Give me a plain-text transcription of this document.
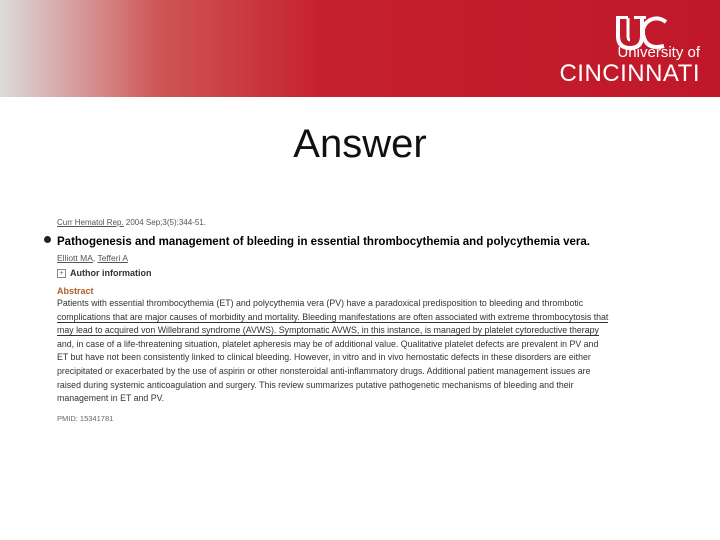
University of
CINCINNATI
Answer
Curr Hematol Rep. 2004 Sep;3(5):344-51.
Pathogenesis and management of bleeding in essential thrombocythemia and polycythemia vera.
Elliott MA, Tefferi A
+ Author information
Abstract
Patients with essential thrombocythemia (ET) and polycythemia vera (PV) have a paradoxical predisposition to bleeding and thrombotic
complications that are major causes of morbidity and mortality. Bleeding manifestations are often associated with extreme thrombocytosis that
may lead to acquired von Willebrand syndrome (AVWS). Symptomatic AVWS, in this instance, is managed by platelet cytoreductive therapy
and, in case of a life-threatening situation, platelet apheresis may be of additional value. Qualitative platelet defects are prevalent in PV and
ET but have not been consistently linked to clinical bleeding. However, in vitro and in vivo hemostatic defects in these disorders are either
precipitated or exacerbated by the use of aspirin or other nonsteroidal anti-inflammatory drugs. Additional patient management issues are
raised during systemic anticoagulation and surgery. This review summarizes putative pathogenetic mechanisms of bleeding and their
management in ET and PV.
PMID: 15341781
